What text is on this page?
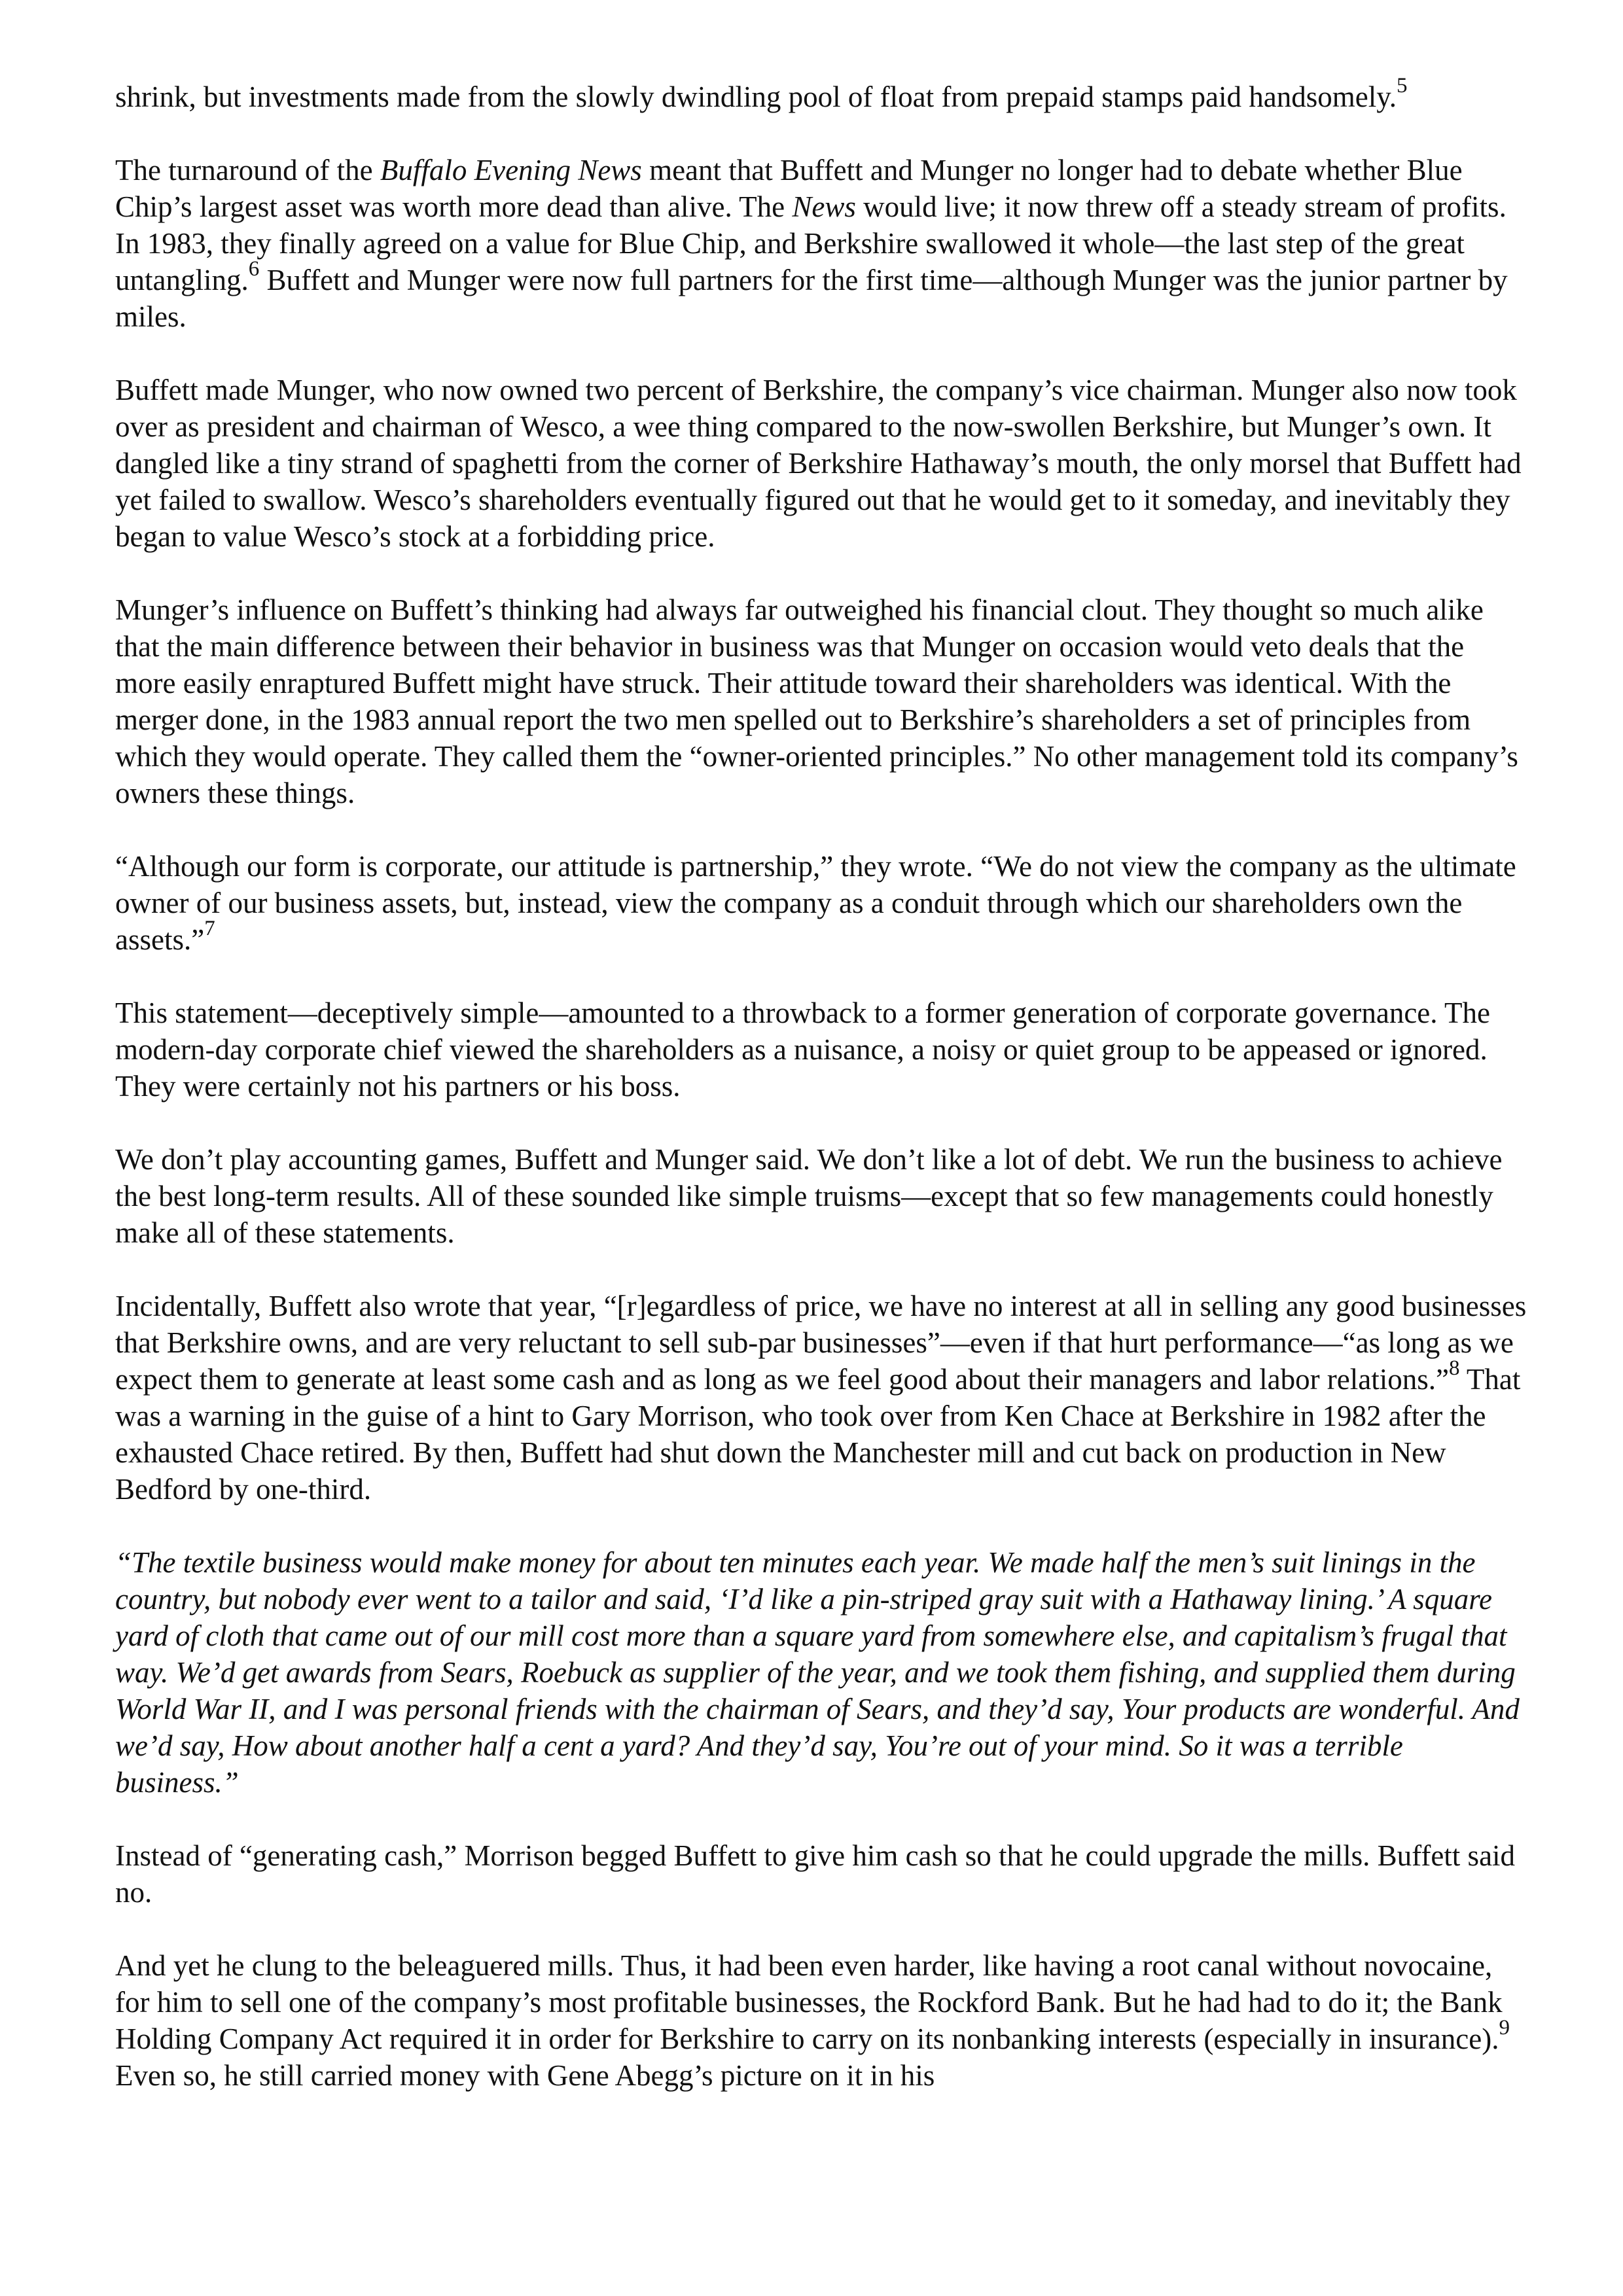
shrink, but investments made from the slowly dwindling pool of float from prepaid stamps paid handsomely.$^5$

The turnaround of the Buffalo Evening News meant that Buffett and Munger no longer had to debate whether Blue Chip’s largest asset was worth more dead than alive. The News would live; it now threw off a steady stream of profits. In 1983, they finally agreed on a value for Blue Chip, and Berkshire swallowed it whole—the last step of the great untangling.$^6$ Buffett and Munger were now full partners for the first time—although Munger was the junior partner by miles.

Buffett made Munger, who now owned two percent of Berkshire, the company’s vice chairman. Munger also now took over as president and chairman of Wesco, a wee thing compared to the now-swollen Berkshire, but Munger’s own. It dangled like a tiny strand of spaghetti from the corner of Berkshire Hathaway’s mouth, the only morsel that Buffett had yet failed to swallow. Wesco’s shareholders eventually figured out that he would get to it someday, and inevitably they began to value Wesco’s stock at a forbidding price.

Munger’s influence on Buffett’s thinking had always far outweighed his financial clout. They thought so much alike that the main difference between their behavior in business was that Munger on occasion would veto deals that the more easily enraptured Buffett might have struck. Their attitude toward their shareholders was identical. With the merger done, in the 1983 annual report the two men spelled out to Berkshire’s shareholders a set of principles from which they would operate. They called them the “owner-oriented principles.” No other management told its company’s owners these things.

“Although our form is corporate, our attitude is partnership,” they wrote. “We do not view the company as the ultimate owner of our business assets, but, instead, view the company as a conduit through which our shareholders own the assets.”$^7$

This statement—deceptively simple—amounted to a throwback to a former generation of corporate governance. The modern-day corporate chief viewed the shareholders as a nuisance, a noisy or quiet group to be appeased or ignored. They were certainly not his partners or his boss.

We don’t play accounting games, Buffett and Munger said. We don’t like a lot of debt. We run the business to achieve the best long-term results. All of these sounded like simple truisms—except that so few managements could honestly make all of these statements.

Incidentally, Buffett also wrote that year, “[r]egardless of price, we have no interest at all in selling any good businesses that Berkshire owns, and are very reluctant to sell sub-par businesses”—even if that hurt performance—“as long as we expect them to generate at least some cash and as long as we feel good about their managers and labor relations.”$^8$ That was a warning in the guise of a hint to Gary Morrison, who took over from Ken Chace at Berkshire in 1982 after the exhausted Chace retired. By then, Buffett had shut down the Manchester mill and cut back on production in New Bedford by one-third.

“The textile business would make money for about ten minutes each year. We made half the men’s suit linings in the country, but nobody ever went to a tailor and said, ‘I’d like a pin-striped gray suit with a Hathaway lining.’ A square yard of cloth that came out of our mill cost more than a square yard from somewhere else, and capitalism’s frugal that way. We’d get awards from Sears, Roebuck as supplier of the year, and we took them fishing, and supplied them during World War II, and I was personal friends with the chairman of Sears, and they’d say, Your products are wonderful. And we’d say, How about another half a cent a yard? And they’d say, You’re out of your mind. So it was a terrible business.”

Instead of “generating cash,” Morrison begged Buffett to give him cash so that he could upgrade the mills. Buffett said no.

And yet he clung to the beleaguered mills. Thus, it had been even harder, like having a root canal without novocaine, for him to sell one of the company’s most profitable businesses, the Rockford Bank. But he had had to do it; the Bank Holding Company Act required it in order for Berkshire to carry on its nonbanking interests (especially in insurance).$^9$ Even so, he still carried money with Gene Abegg’s picture on it in his
